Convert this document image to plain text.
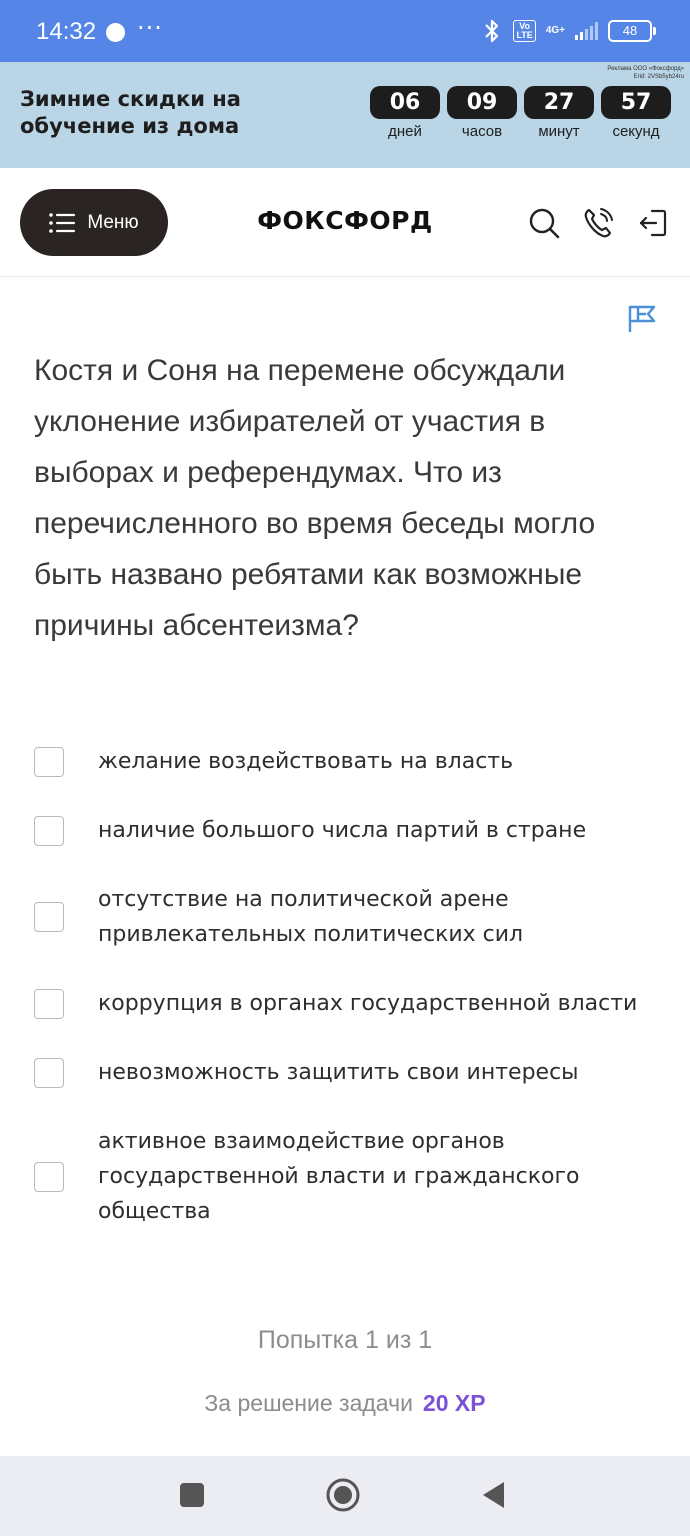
14:32 ···	Vo
LTE	4G+	48
Реклама ООО «Фоксфорд»
Erid: 2VSb5yb24ru
Зимние скидки на обучение из дома
06
дней
09
часов
27
минут
57
секунд
Меню	ФОКСФОРД
Костя и Соня на перемене обсуждали уклонение избирателей от участия в выборах и референдумах. Что из перечисленного во время беседы могло быть названо ребятами как возможные причины абсентеизма?
желание воздействовать на власть
наличие большого числа партий в стране
отсутствие на политической арене привлекательных политических сил
коррупция в органах государственной власти
невозможность защитить свои интересы
активное взаимодействие органов государственной власти и гражданского общества
Попытка 1 из 1
За решение задачи 20 XP
